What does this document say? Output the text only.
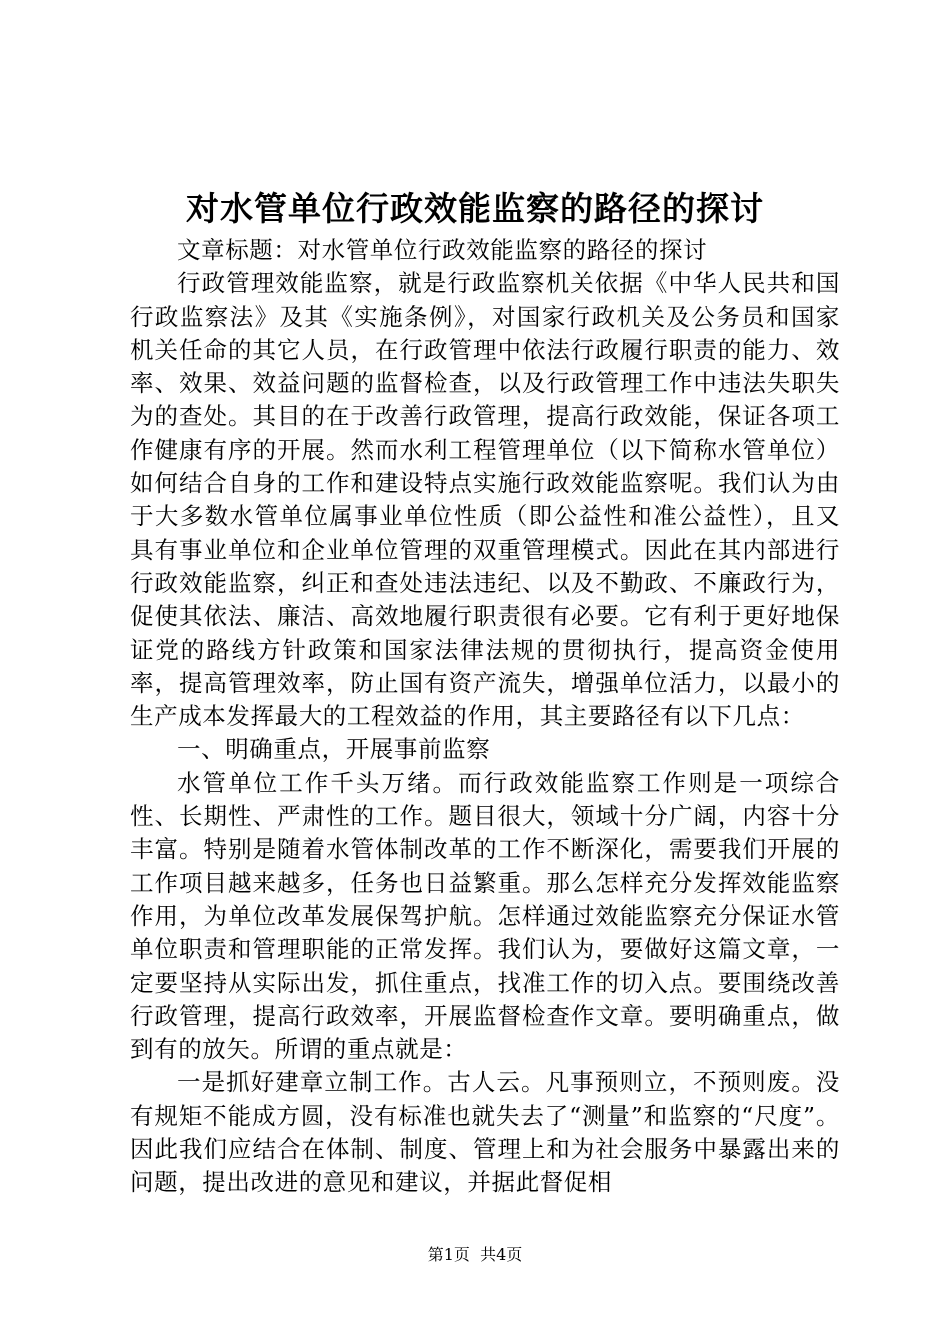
对水管单位行政效能监察的路径的探讨

文章标题：对水管单位行政效能监察的路径的探讨

行政管理效能监察，就是行政监察机关依据《中华人民共和国行政监察法》及其《实施条例》，对国家行政机关及公务员和国家机关任命的其它人员，在行政管理中依法行政履行职责的能力、效率、效果、效益问题的监督检查，以及行政管理工作中违法失职失为的查处。其目的在于改善行政管理，提高行政效能，保证各项工作健康有序的开展。然而水利工程管理单位（以下简称水管单位）如何结合自身的工作和建设特点实施行政效能监察呢。我们认为由于大多数水管单位属事业单位性质（即公益性和准公益性），且又具有事业单位和企业单位管理的双重管理模式。因此在其内部进行行政效能监察，纠正和查处违法违纪、以及不勤政、不廉政行为，促使其依法、廉洁、高效地履行职责很有必要。它有利于更好地保证党的路线方针政策和国家法律法规的贯彻执行，提高资金使用率，提高管理效率，防止国有资产流失，增强单位活力，以最小的生产成本发挥最大的工程效益的作用，其主要路径有以下几点：

一、明确重点，开展事前监察

水管单位工作千头万绪。而行政效能监察工作则是一项综合性、长期性、严肃性的工作。题目很大，领域十分广阔，内容十分丰富。特别是随着水管体制改革的工作不断深化，需要我们开展的工作项目越来越多，任务也日益繁重。那么怎样充分发挥效能监察作用，为单位改革发展保驾护航。怎样通过效能监察充分保证水管单位职责和管理职能的正常发挥。我们认为，要做好这篇文章，一定要坚持从实际出发，抓住重点，找准工作的切入点。要围绕改善行政管理，提高行政效率，开展监督检查作文章。要明确重点，做到有的放矢。所谓的重点就是：

一是抓好建章立制工作。古人云。凡事预则立，不预则废。没有规矩不能成方圆，没有标准也就失去了“测量”和监察的“尺度”。因此我们应结合在体制、制度、管理上和为社会服务中暴露出来的问题，提出改进的意见和建议，并据此督促相

第1页  共4页
